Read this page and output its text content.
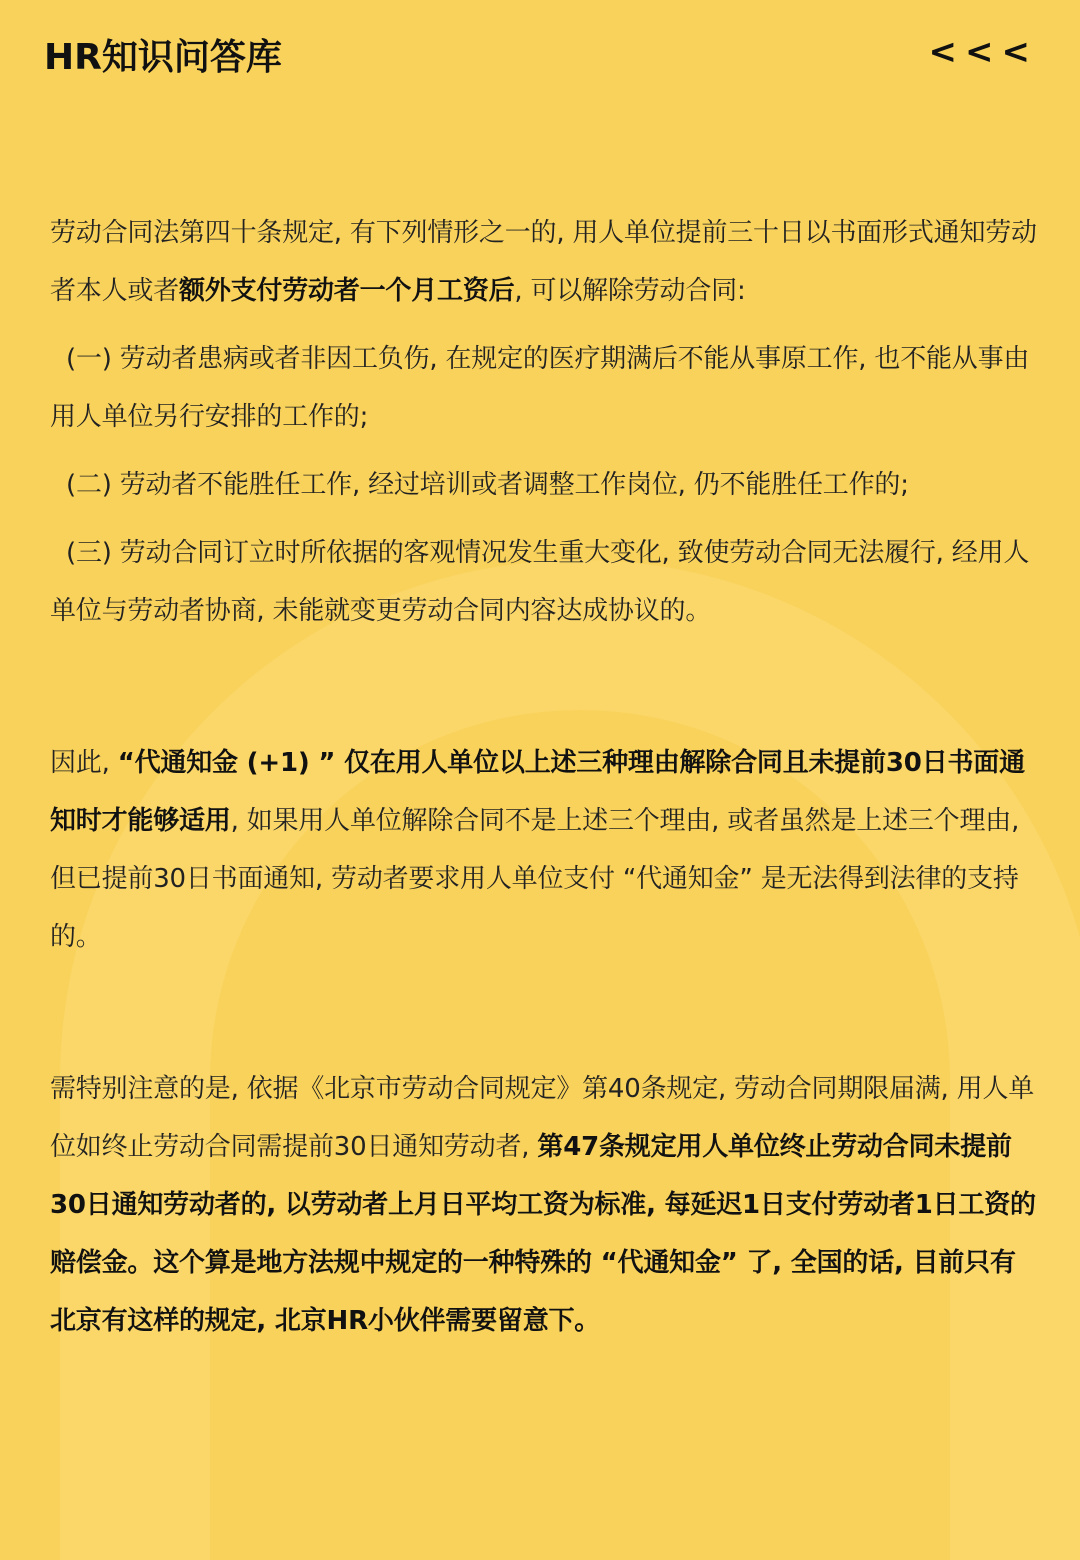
HR知识问答库	<<<

劳动合同法第四十条规定, 有下列情形之一的, 用人单位提前三十日以书面形式通知劳动者本人或者额外支付劳动者一个月工资后, 可以解除劳动合同:

(一) 劳动者患病或者非因工负伤, 在规定的医疗期满后不能从事原工作, 也不能从事由用人单位另行安排的工作的;

(二) 劳动者不能胜任工作, 经过培训或者调整工作岗位, 仍不能胜任工作的;

(三) 劳动合同订立时所依据的客观情况发生重大变化, 致使劳动合同无法履行, 经用人单位与劳动者协商, 未能就变更劳动合同内容达成协议的。

因此, “代通知金 (+1) ” 仅在用人单位以上述三种理由解除合同且未提前30日书面通知时才能够适用, 如果用人单位解除合同不是上述三个理由, 或者虽然是上述三个理由, 但已提前30日书面通知, 劳动者要求用人单位支付 “代通知金” 是无法得到法律的支持的。

需特别注意的是, 依据《北京市劳动合同规定》第40条规定, 劳动合同期限届满, 用人单位如终止劳动合同需提前30日通知劳动者, 第47条规定用人单位终止劳动合同未提前30日通知劳动者的, 以劳动者上月日平均工资为标准, 每延迟1日支付劳动者1日工资的赔偿金。这个算是地方法规中规定的一种特殊的 “代通知金” 了, 全国的话, 目前只有北京有这样的规定, 北京HR小伙伴需要留意下。
